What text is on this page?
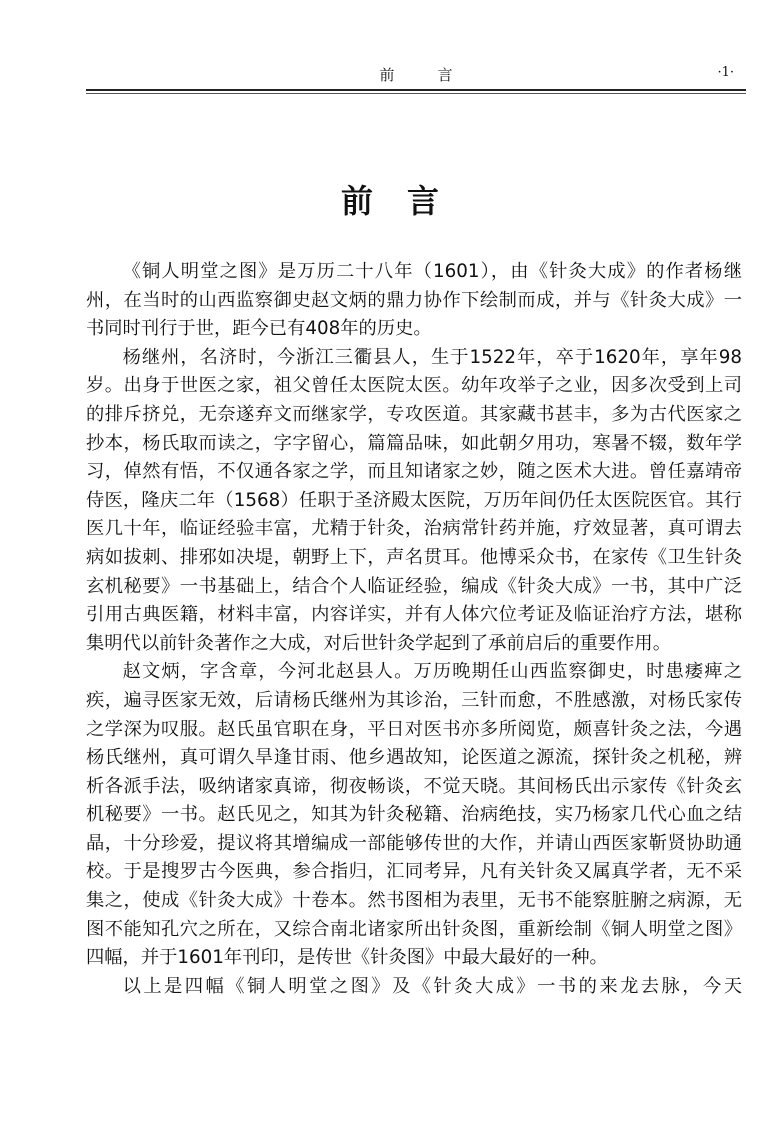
前　言	·1·
前言

《铜人明堂之图》是万历二十八年（1601），由《针灸大成》的作者杨继州，在当时的山西监察御史赵文炳的鼎力协作下绘制而成，并与《针灸大成》一书同时刊行于世，距今已有408年的历史。

杨继州，名济时，今浙江三衢县人，生于1522年，卒于1620年，享年98岁。出身于世医之家，祖父曾任太医院太医。幼年攻举子之业，因多次受到上司的排斥挤兑，无奈遂弃文而继家学，专攻医道。其家藏书甚丰，多为古代医家之抄本，杨氏取而读之，字字留心，篇篇品味，如此朝夕用功，寒暑不辍，数年学习，倬然有悟，不仅通各家之学，而且知诸家之妙，随之医术大进。曾任嘉靖帝侍医，隆庆二年（1568）任职于圣济殿太医院，万历年间仍任太医院医官。其行医几十年，临证经验丰富，尤精于针灸，治病常针药并施，疗效显著，真可谓去病如拔刺、排邪如决堤，朝野上下，声名贯耳。他博采众书，在家传《卫生针灸玄机秘要》一书基础上，结合个人临证经验，编成《针灸大成》一书，其中广泛引用古典医籍，材料丰富，内容详实，并有人体穴位考证及临证治疗方法，堪称集明代以前针灸著作之大成，对后世针灸学起到了承前启后的重要作用。

赵文炳，字含章，今河北赵县人。万历晚期任山西监察御史，时患痿痺之疾，遍寻医家无效，后请杨氏继州为其诊治，三针而愈，不胜感激，对杨氏家传之学深为叹服。赵氏虽官职在身，平日对医书亦多所阅览，颇喜针灸之法，今遇杨氏继州，真可谓久旱逢甘雨、他乡遇故知，论医道之源流，探针灸之机秘，辨析各派手法，吸纳诸家真谛，彻夜畅谈，不觉天晓。其间杨氏出示家传《针灸玄机秘要》一书。赵氏见之，知其为针灸秘籍、治病绝技，实乃杨家几代心血之结晶，十分珍爱，提议将其增编成一部能够传世的大作，并请山西医家靳贤协助通校。于是搜罗古今医典，参合指归，汇同考异，凡有关针灸又属真学者，无不采集之，使成《针灸大成》十卷本。然书图相为表里，无书不能察脏腑之病源，无图不能知孔穴之所在，又综合南北诸家所出针灸图，重新绘制《铜人明堂之图》四幅，并于1601年刊印，是传世《针灸图》中最大最好的一种。

以上是四幅《铜人明堂之图》及《针灸大成》一书的来龙去脉，今天
